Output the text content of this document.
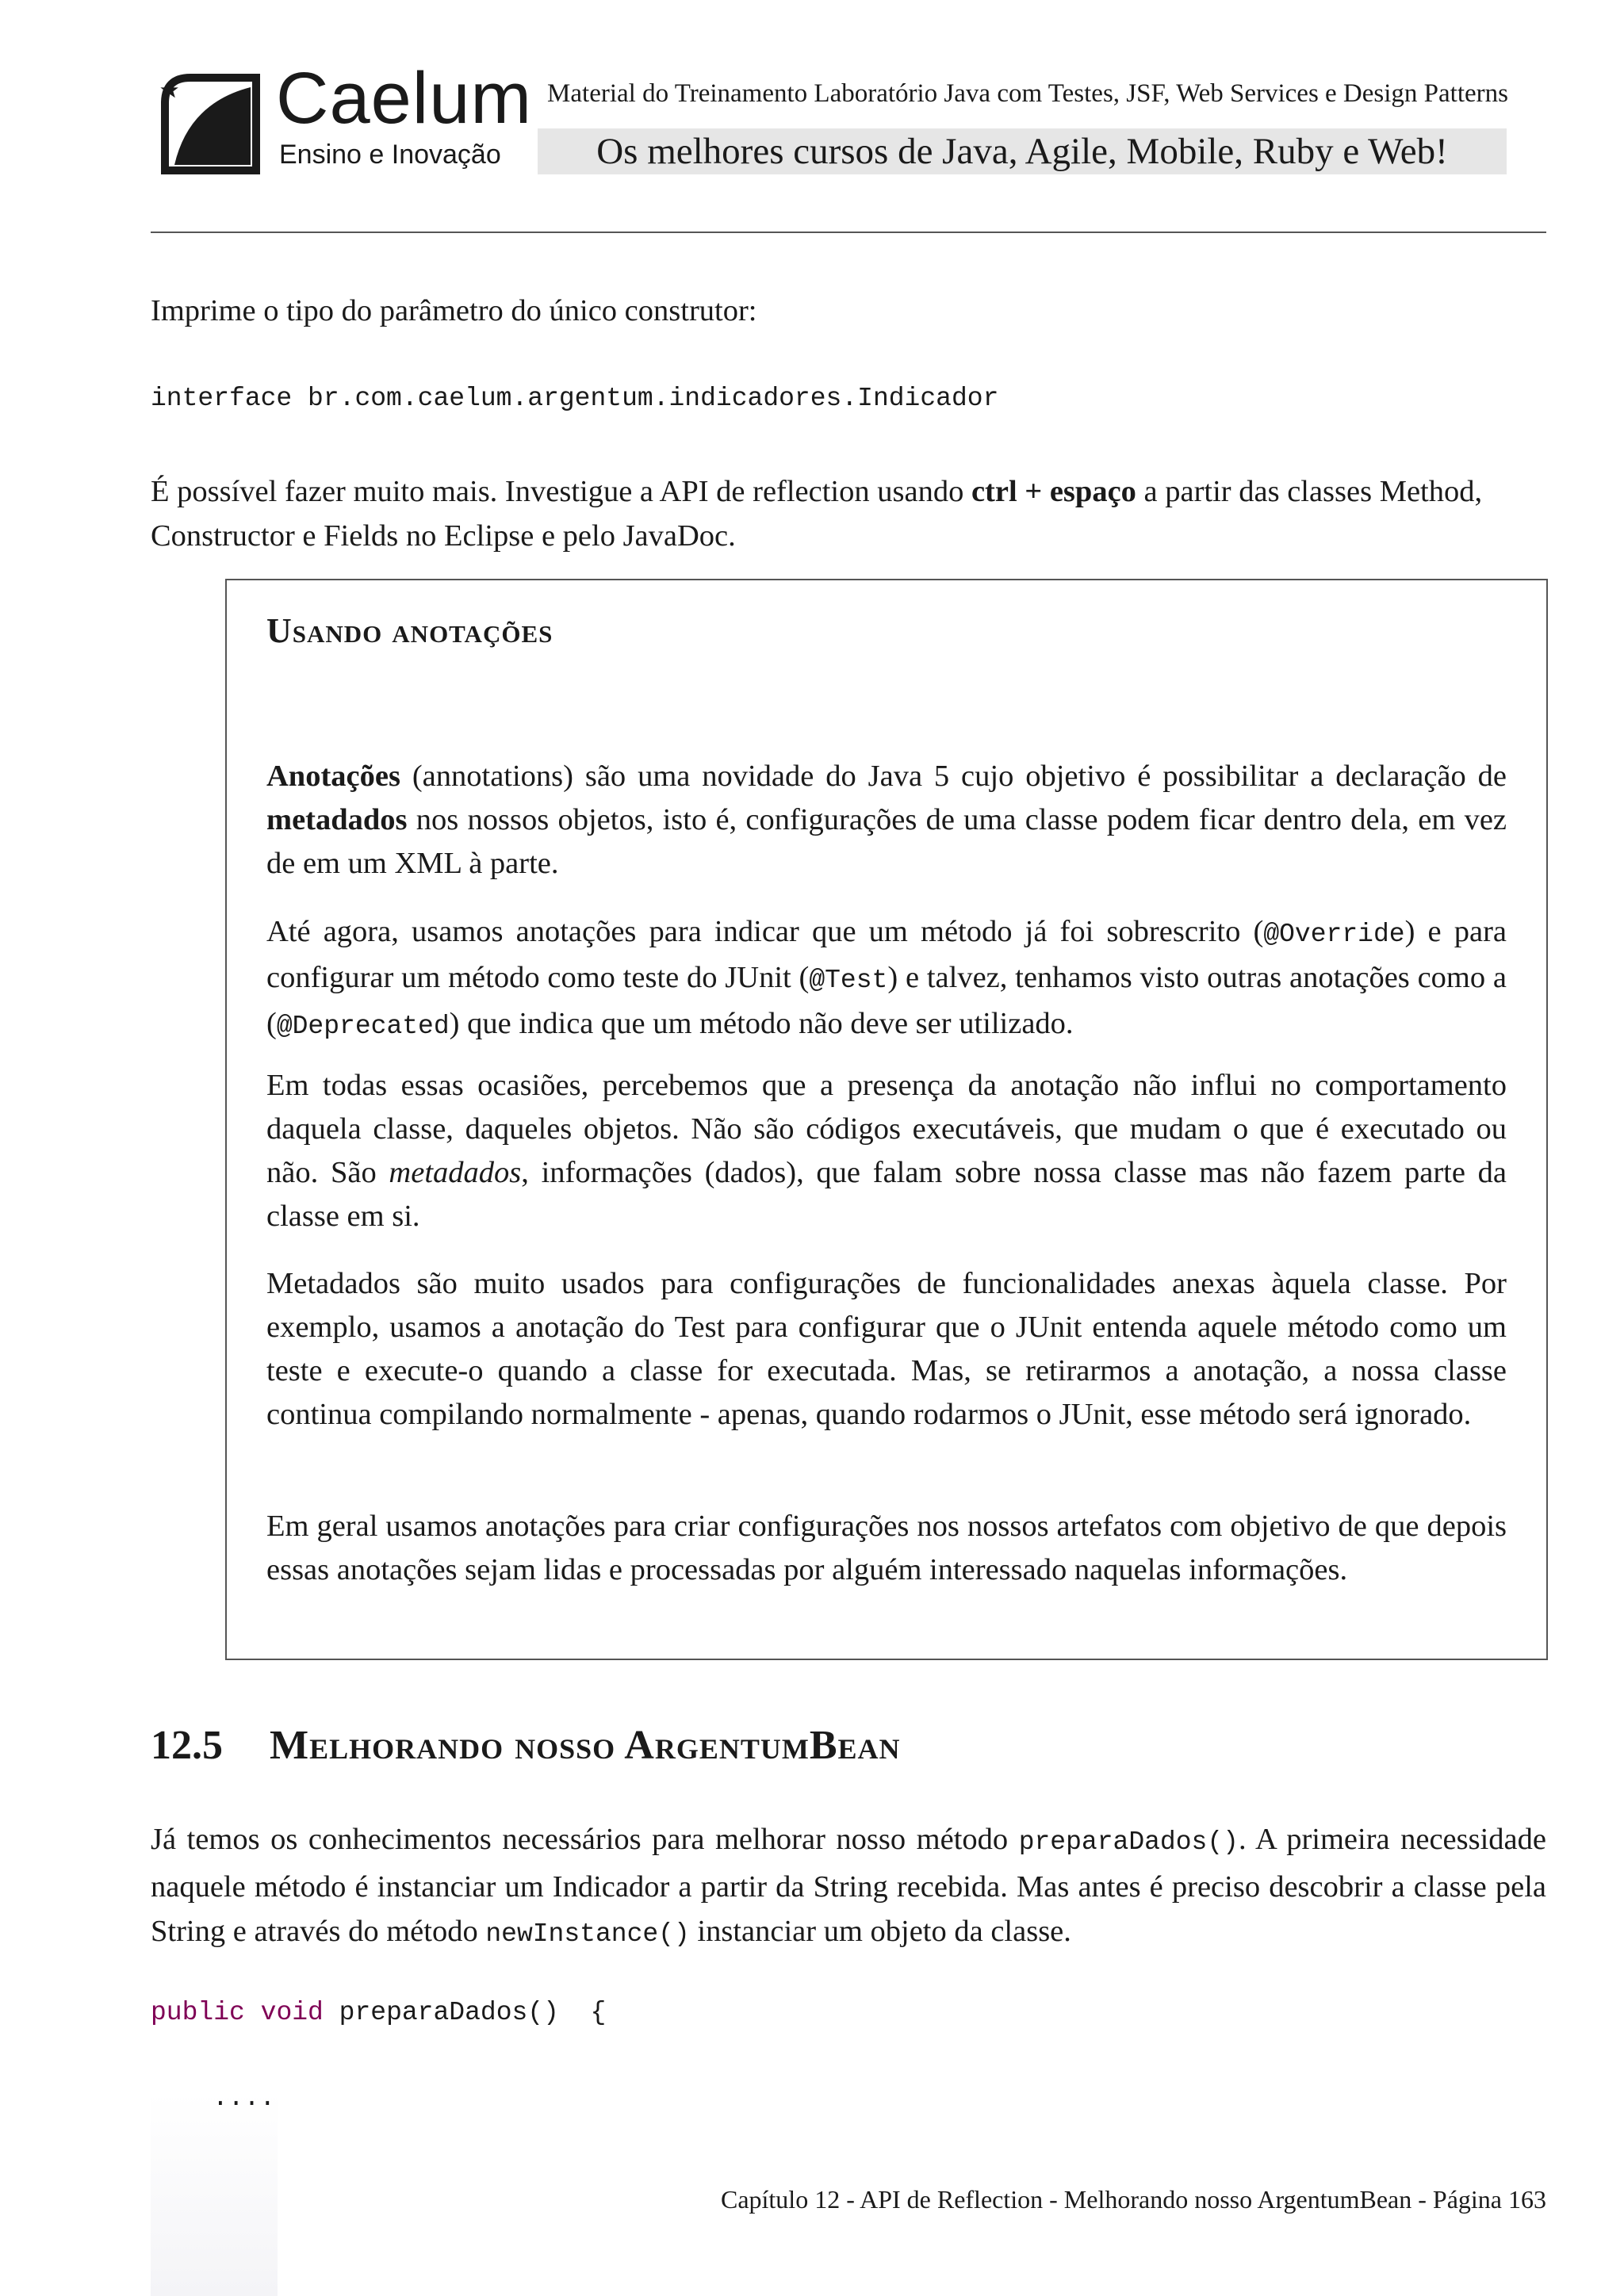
Caelum
Ensino e Inovação
Material do Treinamento Laboratório Java com Testes, JSF, Web Services e Design Patterns
Os melhores cursos de Java, Agile, Mobile, Ruby e Web!
Imprime o tipo do parâmetro do único construtor:
interface br.com.caelum.argentum.indicadores.Indicador
É possível fazer muito mais. Investigue a API de reflection usando ctrl + espaço a partir das classes Method, Constructor e Fields no Eclipse e pelo JavaDoc.
Usando anotações
Anotações (annotations) são uma novidade do Java 5 cujo objetivo é possibilitar a declaração de metadados nos nossos objetos, isto é, configurações de uma classe podem ficar dentro dela, em vez de em um XML à parte.
Até agora, usamos anotações para indicar que um método já foi sobrescrito (@Override) e para configurar um método como teste do JUnit (@Test) e talvez, tenhamos visto outras anotações como a (@Deprecated) que indica que um método não deve ser utilizado.
Em todas essas ocasiões, percebemos que a presença da anotação não influi no comportamento daquela classe, daqueles objetos. Não são códigos executáveis, que mudam o que é executado ou não. São metadados, informações (dados), que falam sobre nossa classe mas não fazem parte da classe em si.
Metadados são muito usados para configurações de funcionalidades anexas àquela classe. Por exemplo, usamos a anotação do Test para configurar que o JUnit entenda aquele método como um teste e execute-o quando a classe for executada. Mas, se retirarmos a anotação, a nossa classe continua compilando normalmente - apenas, quando rodarmos o JUnit, esse método será ignorado.
Em geral usamos anotações para criar configurações nos nossos artefatos com objetivo de que depois essas anotações sejam lidas e processadas por alguém interessado naquelas informações.
12.5 Melhorando nosso ArgentumBean
Já temos os conhecimentos necessários para melhorar nosso método preparaDados(). A primeira necessidade naquele método é instanciar um Indicador a partir da String recebida. Mas antes é preciso descobrir a classe pela String e através do método newInstance() instanciar um objeto da classe.
public void preparaDados()  {
....
Capítulo 12 - API de Reflection - Melhorando nosso ArgentumBean - Página 163
